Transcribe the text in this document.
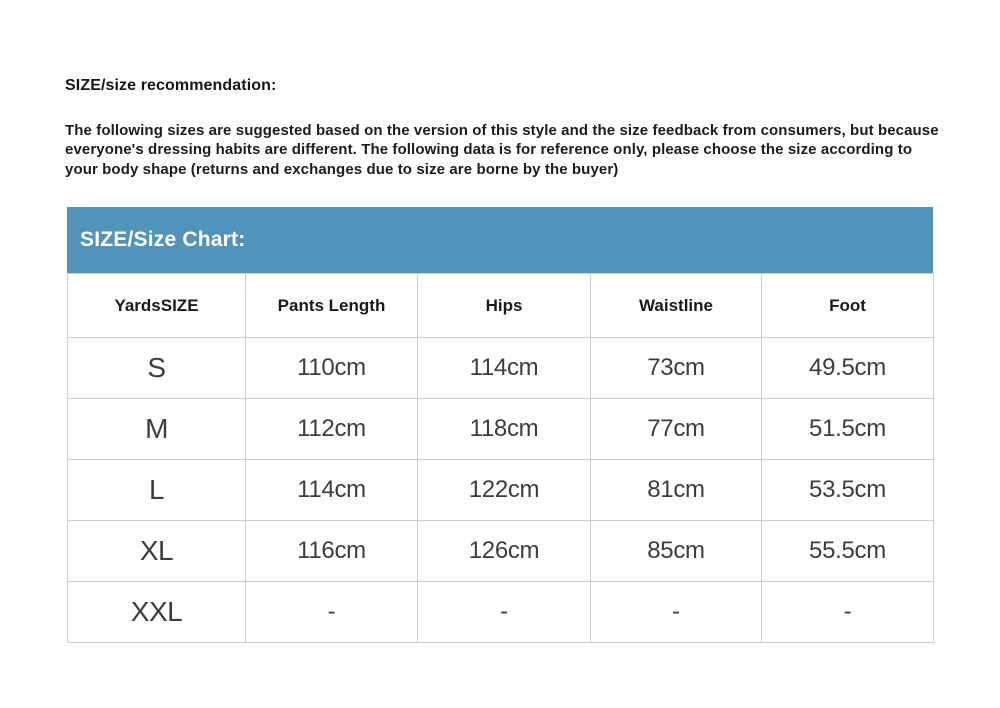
SIZE/size recommendation:
The following sizes are suggested based on the version of this style and the size feedback from consumers, but because everyone's dressing habits are different. The following data is for reference only, please choose the size according to your body shape (returns and exchanges due to size are borne by the buyer)
SIZE/Size Chart:
YardsSIZE	Pants Length	Hips	Waistline	Foot
S	110cm	114cm	73cm	49.5cm
M	112cm	118cm	77cm	51.5cm
L	114cm	122cm	81cm	53.5cm
XL	116cm	126cm	85cm	55.5cm
XXL	-	-	-	-
